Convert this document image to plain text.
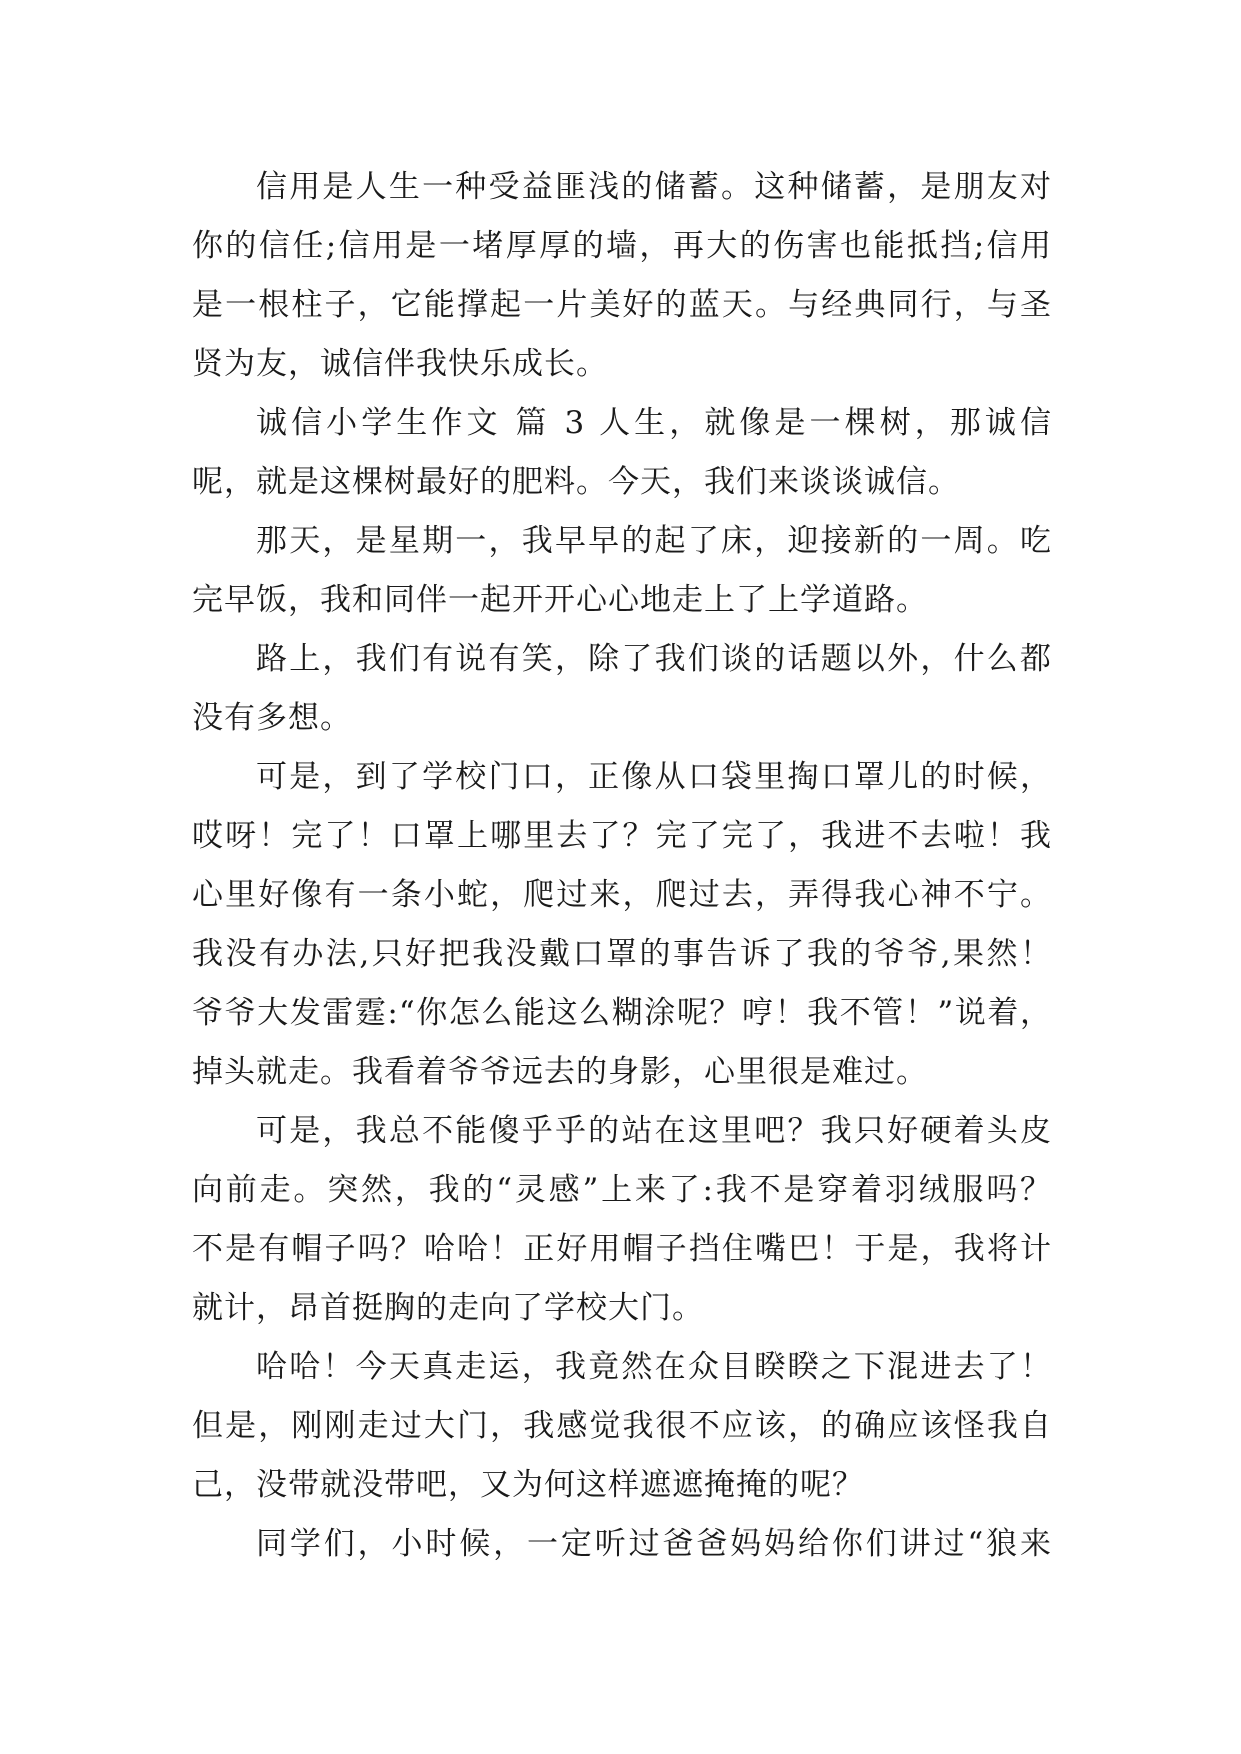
信用是人生一种受益匪浅的储蓄。这种储蓄，是朋友对
你的信任;信用是一堵厚厚的墙，再大的伤害也能抵挡;信用
是一根柱子，它能撑起一片美好的蓝天。与经典同行，与圣
贤为友，诚信伴我快乐成长。
诚信小学生作文 篇 3 人生，就像是一棵树，那诚信
呢，就是这棵树最好的肥料。今天，我们来谈谈诚信。
那天，是星期一，我早早的起了床，迎接新的一周。吃
完早饭，我和同伴一起开开心心地走上了上学道路。
路上，我们有说有笑，除了我们谈的话题以外，什么都
没有多想。
可是，到了学校门口，正像从口袋里掏口罩儿的时候，
哎呀！完了！口罩上哪里去了？完了完了，我进不去啦！我
心里好像有一条小蛇，爬过来，爬过去，弄得我心神不宁。
我没有办法,只好把我没戴口罩的事告诉了我的爷爷,果然！
爷爷大发雷霆:“你怎么能这么糊涂呢？哼！我不管！”说着，
掉头就走。我看着爷爷远去的身影，心里很是难过。
可是，我总不能傻乎乎的站在这里吧？我只好硬着头皮
向前走。突然，我的“灵感”上来了:我不是穿着羽绒服吗？
不是有帽子吗？哈哈！正好用帽子挡住嘴巴！于是，我将计
就计，昂首挺胸的走向了学校大门。
哈哈！今天真走运，我竟然在众目睽睽之下混进去了！
但是，刚刚走过大门，我感觉我很不应该，的确应该怪我自
己，没带就没带吧，又为何这样遮遮掩掩的呢？
同学们，小时候，一定听过爸爸妈妈给你们讲过“狼来
